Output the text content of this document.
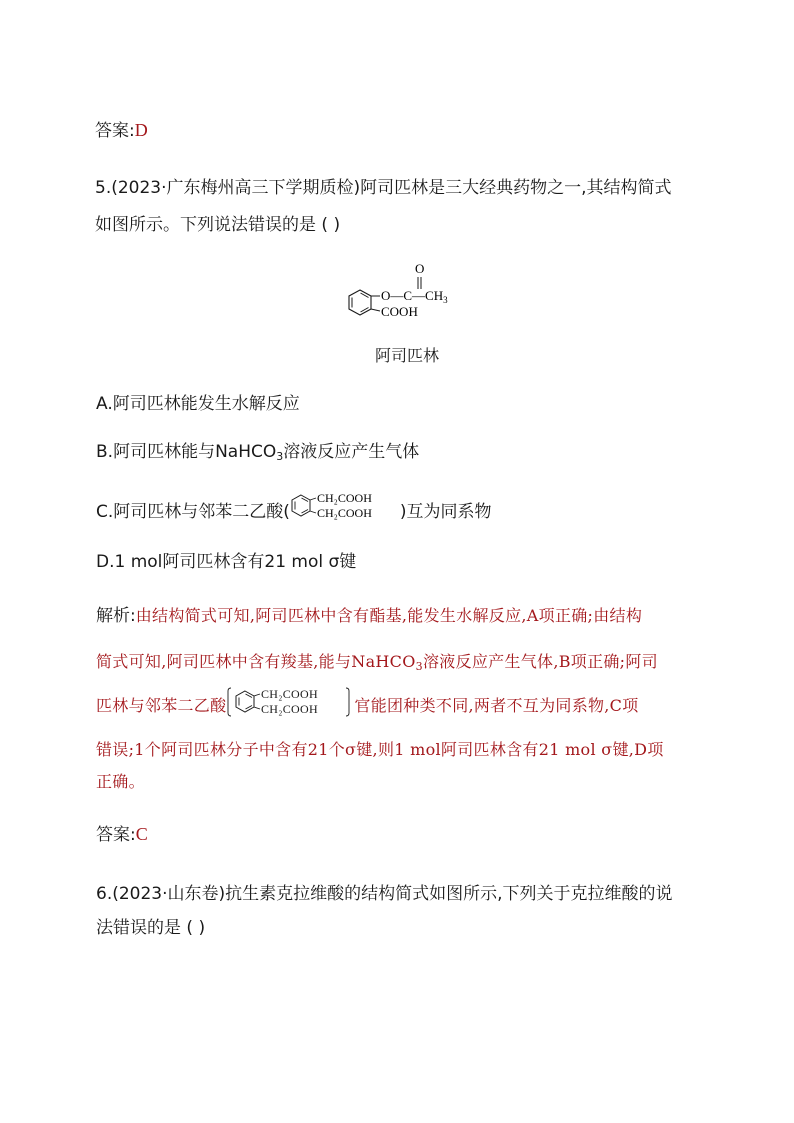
答案:D
5.(2023·广东梅州高三下学期质检)阿司匹林是三大经典药物之一,其结构简式
如图所示。下列说法错误的是 ( )
O
$O—C—CH_3$
COOH
阿司匹林
A.阿司匹林能发生水解反应
B.阿司匹林能与NaHCO$_3$溶液反应产生气体
C.阿司匹林与邻苯二乙酸(
CH₂COOH
CH₂COOH )互为同系物
D.1 mol阿司匹林含有21 mol σ键
解析:由结构简式可知,阿司匹林中含有酯基,能发生水解反应,A项正确;由结构
简式可知,阿司匹林中含有羧基,能与NaHCO$_3$溶液反应产生气体,B项正确;阿司
匹林与邻苯二乙酸
CH₂COOH
CH₂COOH 官能团种类不同,两者不互为同系物,C项
错误;1个阿司匹林分子中含有21个σ键,则1 mol阿司匹林含有21 mol σ键,D项
正确。
答案:C
6.(2023·山东卷)抗生素克拉维酸的结构简式如图所示,下列关于克拉维酸的说
法错误的是 ( )
